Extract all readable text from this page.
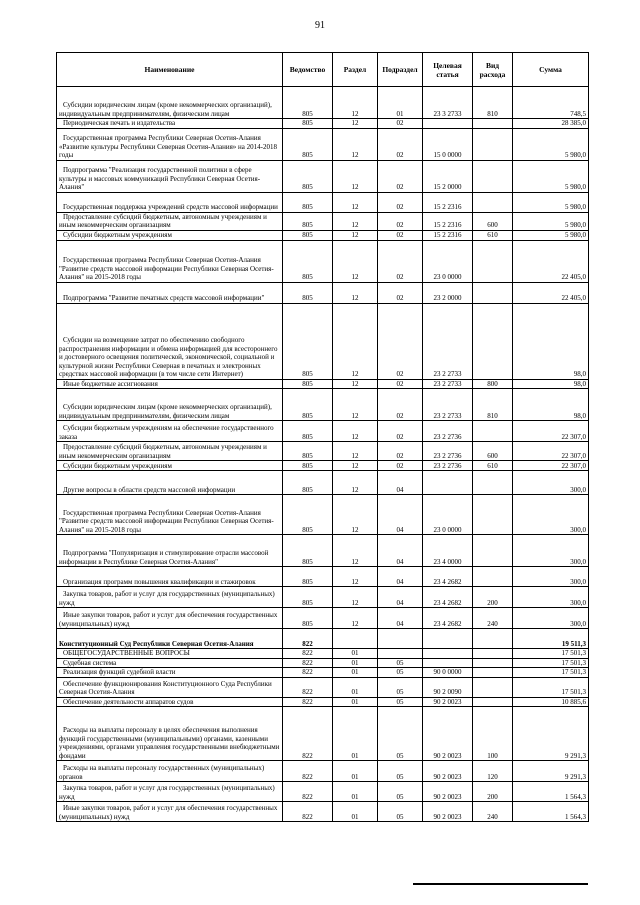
91
Наименование	Ведомство	Раздел	Подраздел	Целевая статья	Вид расхода	Сумма
Субсидии юридическим лицам (кроме некоммерческих организаций), индивидуальным предпринимателям, физическим лицам	805	12	01	23 3 2733	810	748,5
Периодическая печать и издательства	805	12	02			28 385,0
Государственная программа Республики Северная Осетия-Алания «Развитие культуры Республики Северная Осетия-Алания» на 2014-2018 годы	805	12	02	15 0 0000		5 980,0
Подпрограмма "Реализация государственной политики в сфере культуры и массовых коммуникаций Республики Северная Осетия-Алания"	805	12	02	15 2 0000		5 980,0
Государственная поддержка учреждений средств массовой информации	805	12	02	15 2 2316		5 980,0
Предоставление субсидий бюджетным, автономным учреждениям и иным некоммерческим организациям	805	12	02	15 2 2316	600	5 980,0
Субсидии бюджетным учреждениям	805	12	02	15 2 2316	610	5 980,0
Государственная программа Республики Северная Осетия-Алания "Развитие средств массовой информации Республики Северная Осетия-Алания" на 2015-2018 годы	805	12	02	23 0 0000		22 405,0
Подпрограмма "Развитие печатных средств массовой информации"	805	12	02	23 2 0000		22 405,0
Субсидии на возмещение затрат по обеспечению свободного распространения информации и обмена информацией для всестороннего и достоверного освещения политической, экономической, социальной и культурной жизни Республики Северная в печатных и электронных средствах массовой информации (в том числе сети Интернет)	805	12	02	23 2 2733		98,0
Иные бюджетные ассигнования	805	12	02	23 2 2733	800	98,0
Субсидии юридическим лицам (кроме некоммерческих организаций), индивидуальным предпринимателям, физическим лицам	805	12	02	23 2 2733	810	98,0
Субсидии бюджетным учреждениям на обеспечение государственного заказа	805	12	02	23 2 2736		22 307,0
Предоставление субсидий бюджетным, автономным учреждениям и иным некоммерческим организациям	805	12	02	23 2 2736	600	22 307,0
Субсидии бюджетным учреждениям	805	12	02	23 2 2736	610	22 307,0
Другие вопросы в области средств массовой информации	805	12	04			300,0
Государственная программа Республики Северная Осетия-Алания "Развитие средств массовой информации Республики Северная Осетия-Алания" на 2015-2018 годы	805	12	04	23 0 0000		300,0
Подпрограмма "Популяризация и стимулирование отрасли массовой информации в Республике Северная Осетия-Алания"	805	12	04	23 4 0000		300,0
Организация программ повышения квалификации и стажировок	805	12	04	23 4 2682		300,0
Закупка товаров, работ и услуг для государственных (муниципальных) нужд	805	12	04	23 4 2682	200	300,0
Иные закупки товаров, работ и услуг для обеспечения государственных (муниципальных) нужд	805	12	04	23 4 2682	240	300,0
Конституционный Суд Республики Северная Осетия-Алания	822					19 511,3
ОБЩЕГОСУДАРСТВЕННЫЕ ВОПРОСЫ	822	01				17 501,3
Судебная система	822	01	05			17 501,3
Реализация функций судебной власти	822	01	05	90 0 0000		17 501,3
Обеспечение функционирования Конституционного Суда Республики Северная Осетия-Алания	822	01	05	90 2 0090		17 501,3
Обеспечение деятельности аппаратов судов	822	01	05	90 2 0023		10 885,6
Расходы на выплаты персоналу в целях обеспечения выполнения функций государственными (муниципальными) органами, казенными учреждениями, органами управления государственными внебюджетными фондами	822	01	05	90 2 0023	100	9 291,3
Расходы на выплаты персоналу государственных (муниципальных) органов	822	01	05	90 2 0023	120	9 291,3
Закупка товаров, работ и услуг для государственных (муниципальных) нужд	822	01	05	90 2 0023	200	1 564,3
Иные закупки товаров, работ и услуг для обеспечения государственных (муниципальных) нужд	822	01	05	90 2 0023	240	1 564,3
